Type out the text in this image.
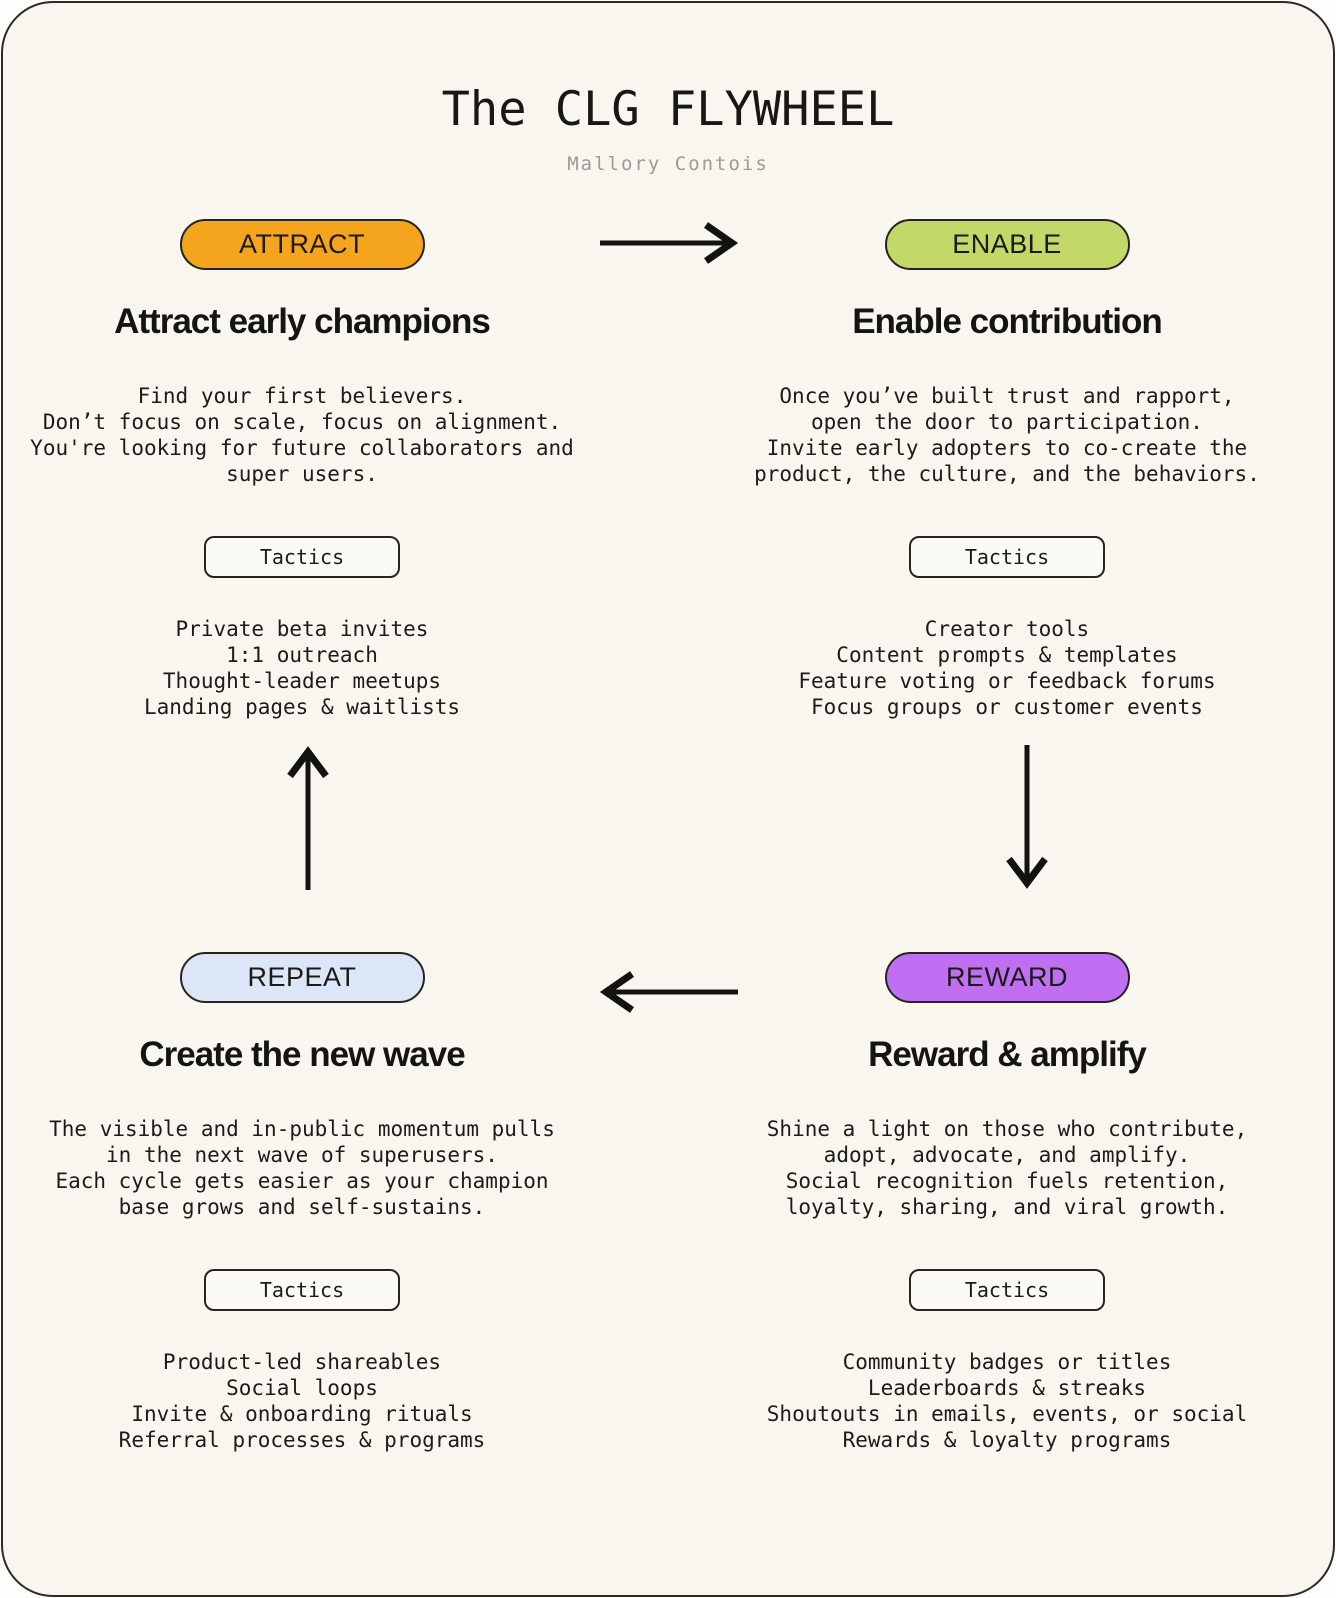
The CLG FLYWHEEL
Mallory Contois
ATTRACT
Attract early champions
Find your first believers.
Don’t focus on scale, focus on alignment.
You're looking for future collaborators and
super users.
Tactics
Private beta invites
1:1 outreach
Thought-leader meetups
Landing pages & waitlists
ENABLE
Enable contribution
Once you’ve built trust and rapport,
open the door to participation.
Invite early adopters to co-create the
product, the culture, and the behaviors.
Tactics
Creator tools
Content prompts & templates
Feature voting or feedback forums
Focus groups or customer events
REPEAT
Create the new wave
The visible and in-public momentum pulls
in the next wave of superusers.
Each cycle gets easier as your champion
base grows and self-sustains.
Tactics
Product-led shareables
Social loops
Invite & onboarding rituals
Referral processes & programs
REWARD
Reward & amplify
Shine a light on those who contribute,
adopt, advocate, and amplify.
Social recognition fuels retention,
loyalty, sharing, and viral growth.
Tactics
Community badges or titles
Leaderboards & streaks
Shoutouts in emails, events, or social
Rewards & loyalty programs
